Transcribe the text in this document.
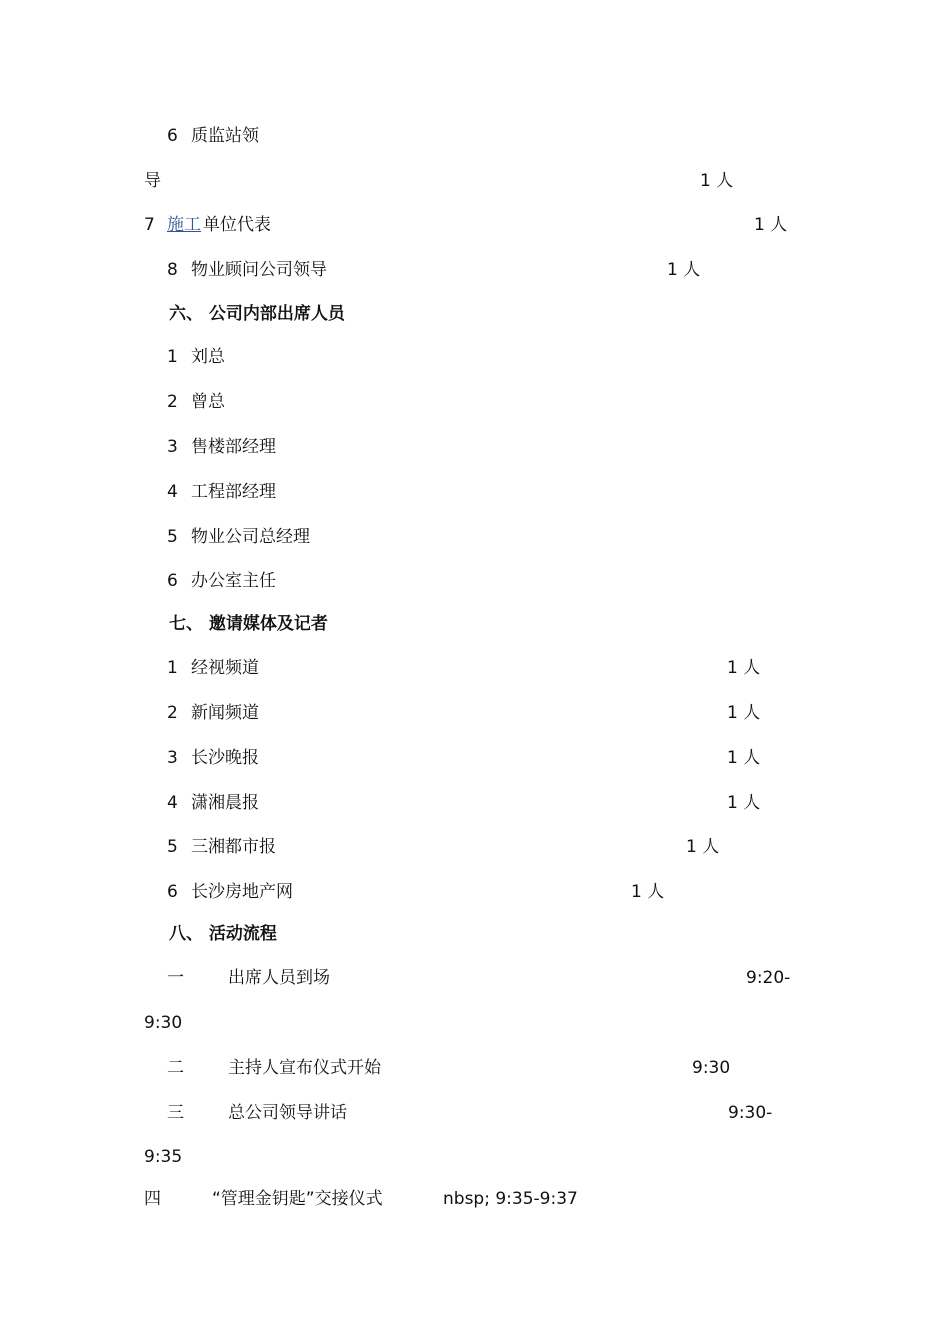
6 质监站领
导	1 人
7 施工 单位代表	1 人
8 物业顾问公司领导	1 人
六、 公司内部出席人员
1 刘总
2 曾总
3 售楼部经理
4 工程部经理
5 物业公司总经理
6 办公室主任
七、 邀请媒体及记者
1 经视频道	1 人
2 新闻频道	1 人
3 长沙晚报	1 人
4 潇湘晨报	1 人
5 三湘都市报	1 人
6 长沙房地产网	1 人
八、 活动流程
一	出席人员到场	9:20-
9:30
二	主持人宣布仪式开始	9:30
三	总公司领导讲话	9:30-
9:35
四	“管理金钥匙”交接仪式	nbsp; 9:35-9:37
